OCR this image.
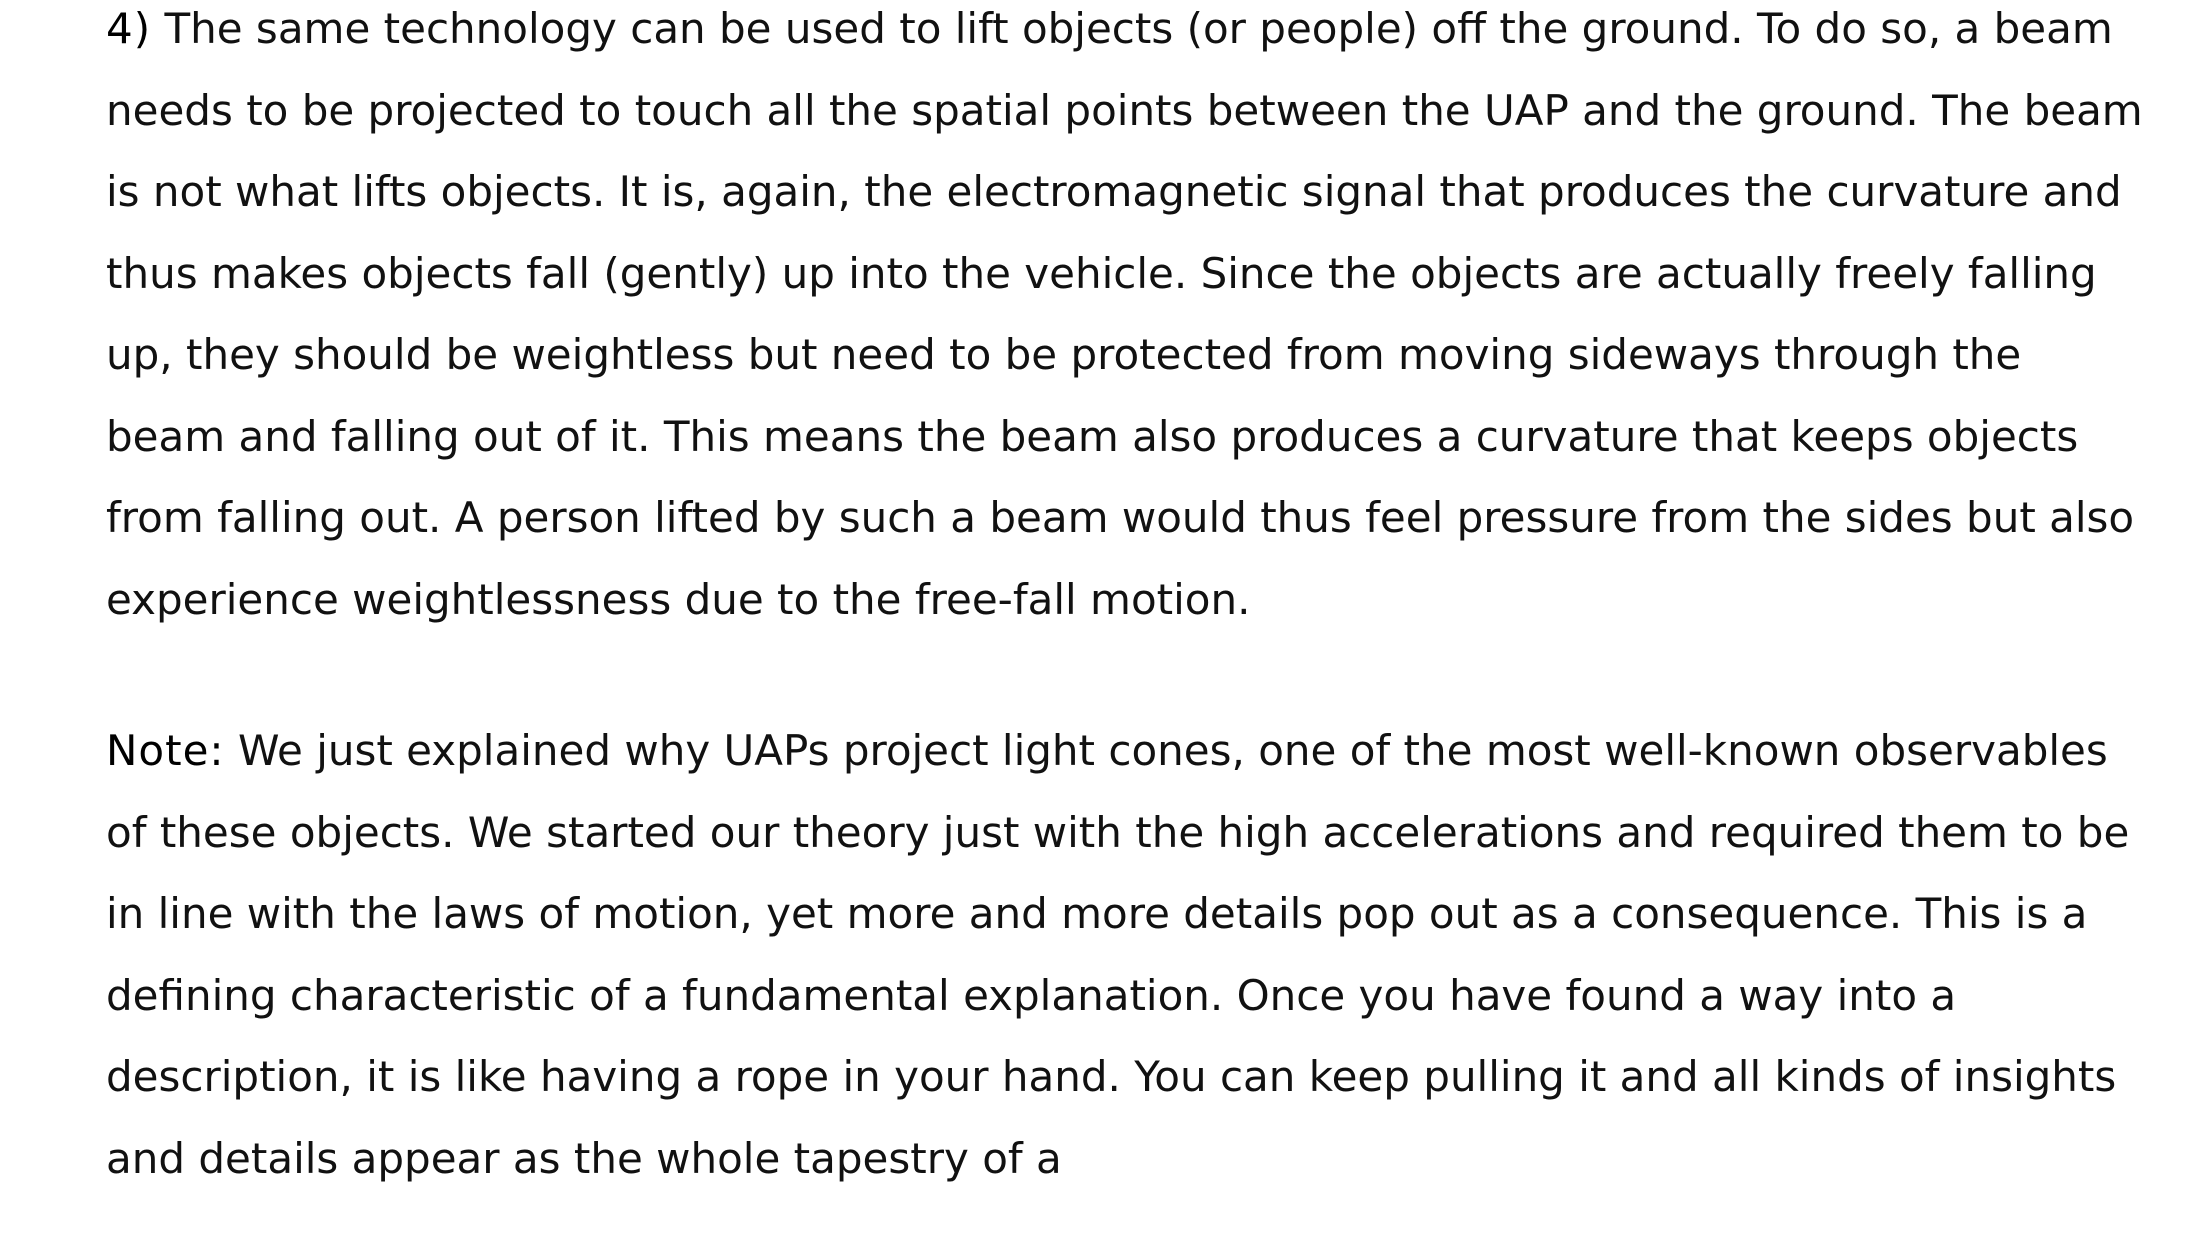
4) The same technology can be used to lift objects (or people) off the ground. To do so, a beam needs to be projected to touch all the spatial points between the UAP and the ground. The beam is not what lifts objects. It is, again, the electromagnetic signal that produces the curvature and thus makes objects fall (gently) up into the vehicle. Since the objects are actually freely falling up, they should be weightless but need to be protected from moving sideways through the beam and falling out of it. This means the beam also produces a curvature that keeps objects from falling out. A person lifted by such a beam would thus feel pressure from the sides but also experience weightlessness due to the free-fall motion.

Note: We just explained why UAPs project light cones, one of the most well-known observables of these objects. We started our theory just with the high accelerations and required them to be in line with the laws of motion, yet more and more details pop out as a consequence. This is a defining characteristic of a fundamental explanation. Once you have found a way into a description, it is like having a rope in your hand. You can keep pulling it and all kinds of insights and details appear as the whole tapestry of a
